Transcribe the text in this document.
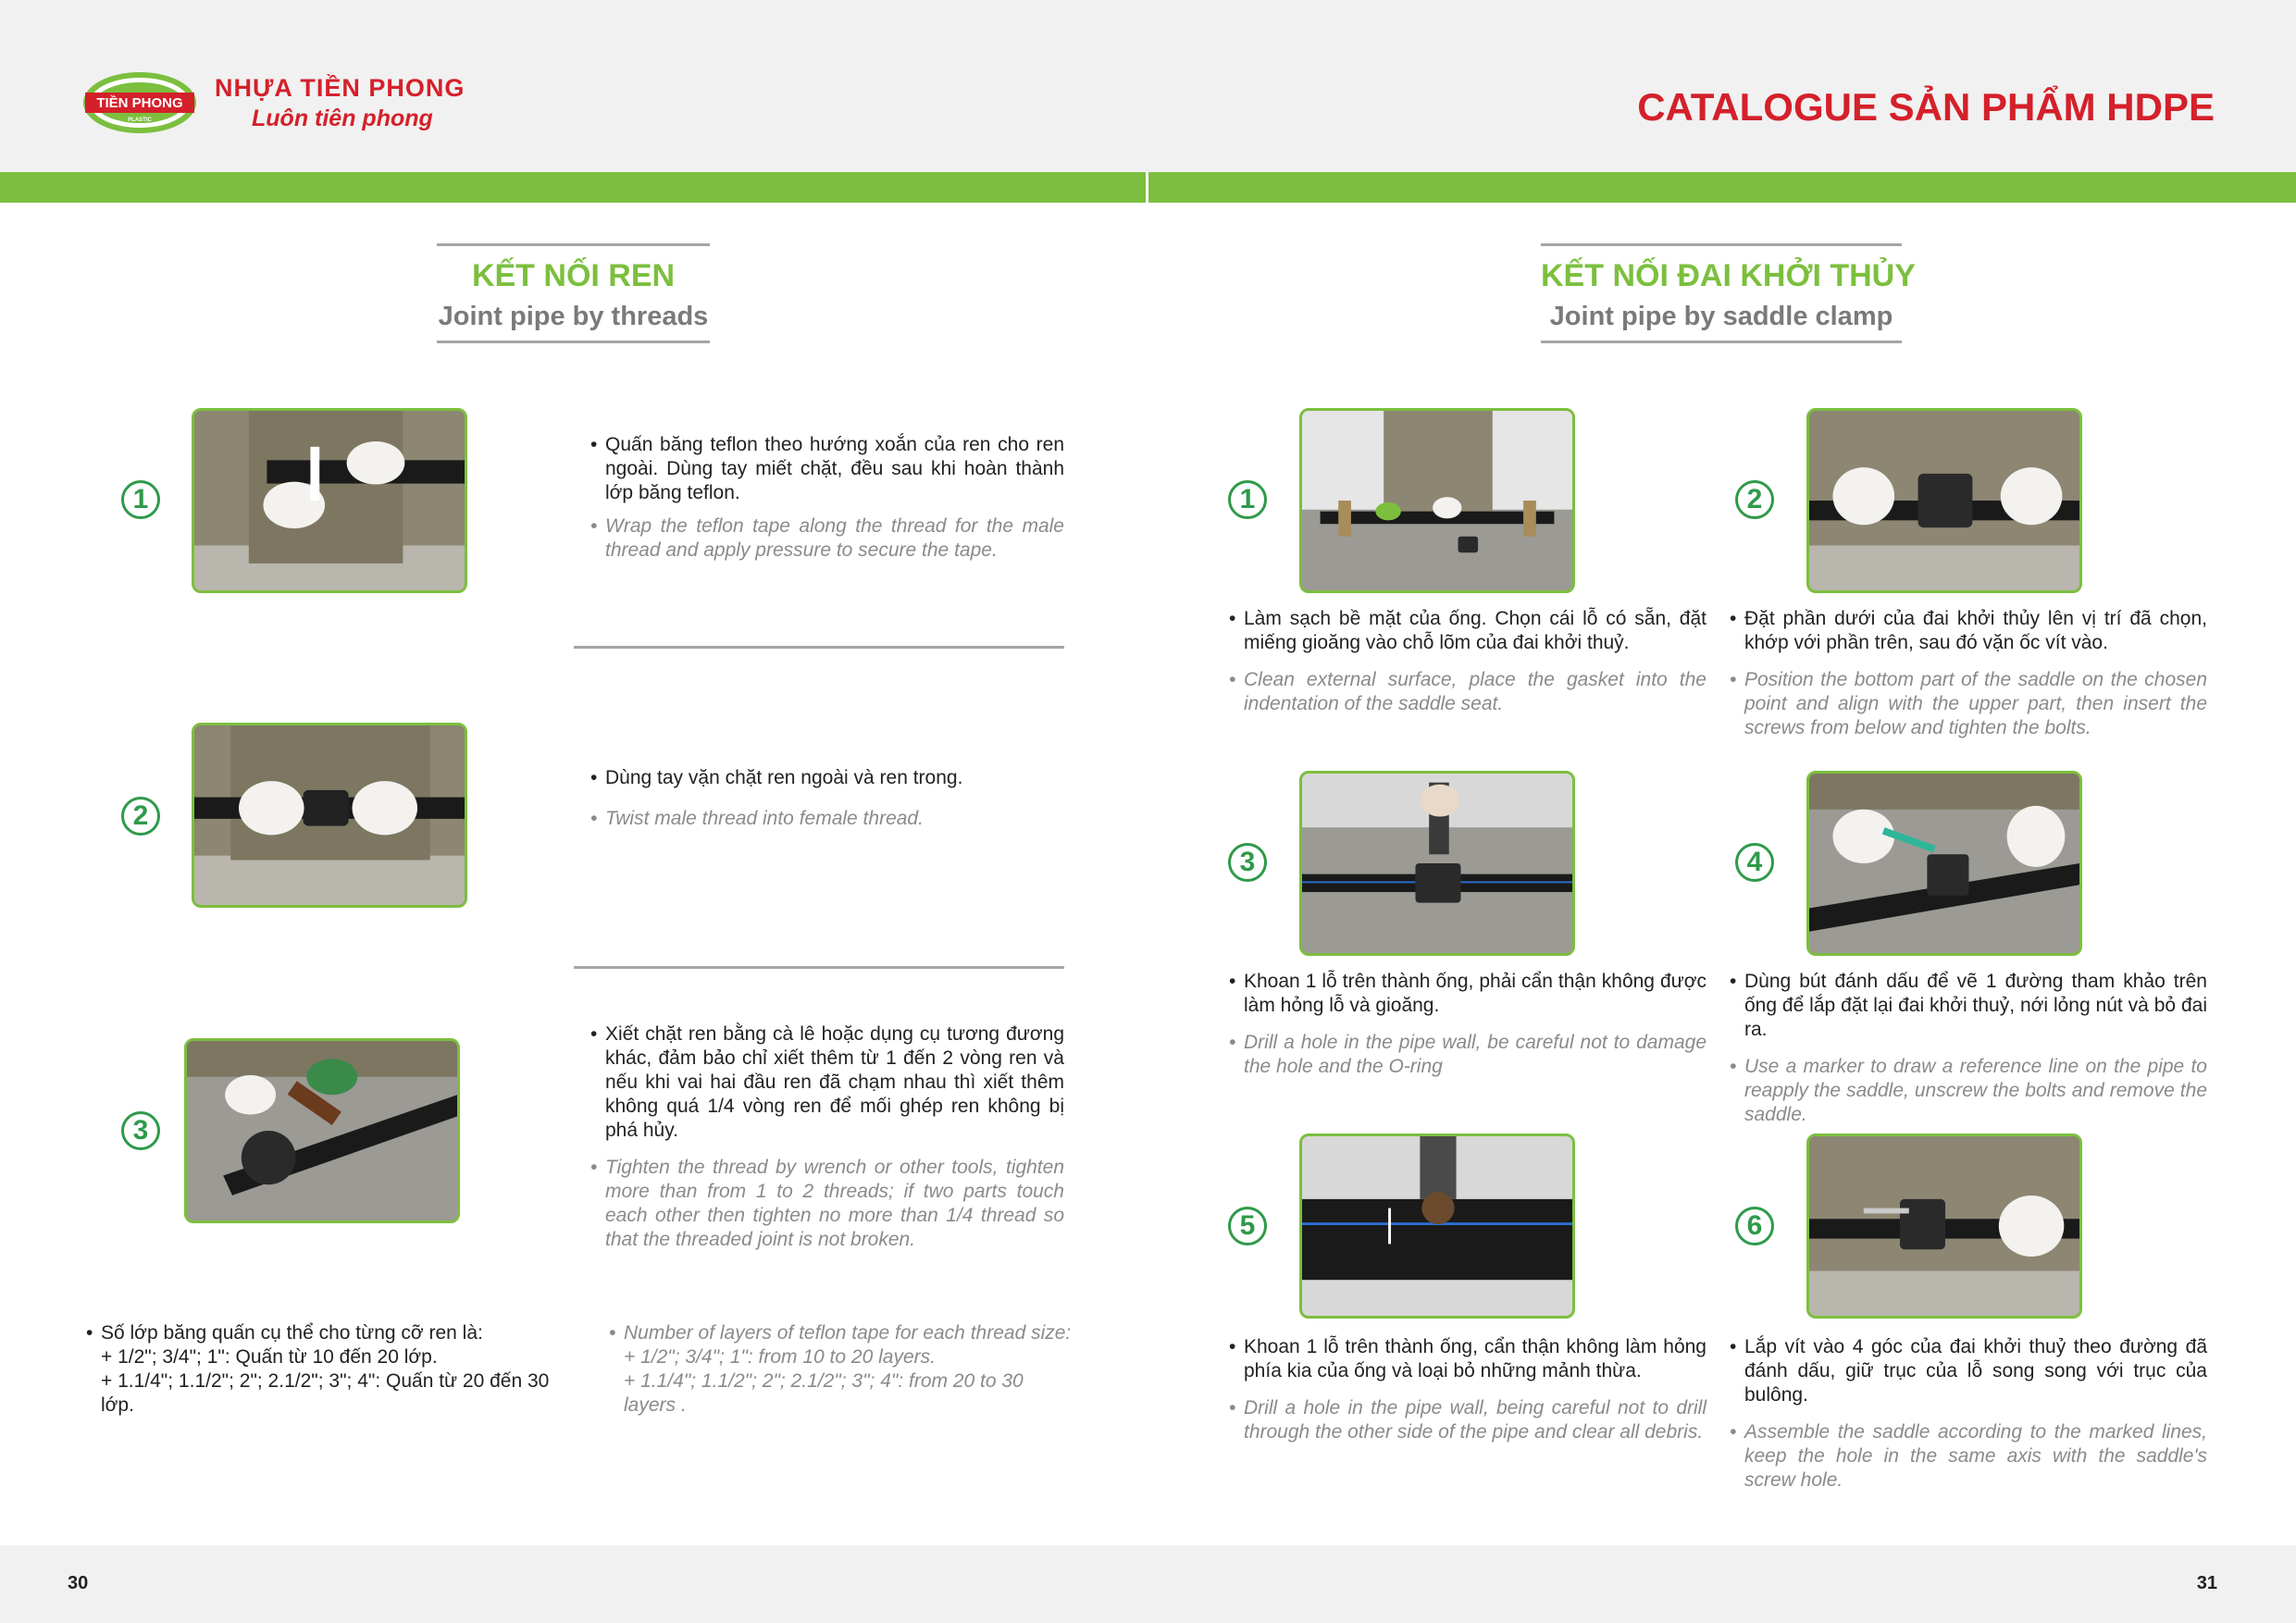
TIỀN PHONG
PLASTIC
NHỰA TIỀN PHONG
Luôn tiên phong	CATALOGUE SẢN PHẨM HDPE
KẾT NỐI REN
Joint pipe by threads
KẾT NỐI ĐAI KHỞI THỦY
Joint pipe by saddle clamp
1

• Quấn băng teflon theo hướng xoắn của ren cho ren ngoài. Dùng tay miết chặt, đều sau khi hoàn thành lớp băng teflon.

• Wrap the teflon tape along the thread for the male thread and apply pressure to secure the tape.

2

• Dùng tay vặn chặt ren ngoài và ren trong.

• Twist male thread into female thread.

3

• Xiết chặt ren bằng cà lê hoặc dụng cụ tương đương khác, đảm bảo chỉ xiết thêm từ 1 đến 2 vòng ren và nếu khi vai hai đầu ren đã chạm nhau thì xiết thêm không quá 1/4 vòng ren để mối ghép ren không bị phá hủy.

• Tighten the thread by wrench or other tools, tighten more than from 1 to 2 threads; if two parts touch each other then tighten no more than 1/4 thread so that the threaded joint is not broken.

• Số lớp băng quấn cụ thể cho từng cỡ ren là:

+ 1/2"; 3/4"; 1": Quấn từ 10 đến 20 lớp.
+ 1.1/4"; 1.1/2"; 2"; 2.1/2"; 3"; 4": Quấn từ 20 đến 30 lớp.

• Number of layers of teflon tape for each thread size:

+ 1/2"; 3/4"; 1": from 10 to 20 layers.
+ 1.1/4"; 1.1/2"; 2"; 2.1/2"; 3"; 4": from 20 to 30 layers .
1	2

• Làm sạch bề mặt của ống. Chọn cái lỗ có sẵn, đặt miếng gioăng vào chỗ lõm của đai khởi thuỷ.

• Clean external surface, place the gasket into the indentation of the saddle seat.

• Đặt phần dưới của đai khởi thủy lên vị trí đã chọn, khớp với phần trên, sau đó vặn ốc vít vào.

• Position the bottom part of the saddle on the chosen point and align with the upper part, then insert the screws from below and tighten the bolts.

3	4

• Khoan 1 lỗ trên thành ống, phải cẩn thận không được làm hỏng lỗ và gioăng.

• Drill a hole in the pipe wall, be careful not to damage the hole and the O-ring

• Dùng bút đánh dấu để vẽ 1 đường tham khảo trên ống để lắp đặt lại đai khởi thuỷ, nới lỏng nút và bỏ đai ra.

• Use a marker to draw a reference line on the pipe to reapply the saddle, unscrew the bolts and remove the saddle.

5	6

• Khoan 1 lỗ trên thành ống, cẩn thận không làm hỏng phía kia của ống và loại bỏ những mảnh thừa.

• Drill a hole in the pipe wall, being careful not to drill through the other side of the pipe and clear all debris.

• Lắp vít vào 4 góc của đai khởi thuỷ theo đường đã đánh dấu, giữ trục của lỗ song song với trục của bulông.

• Assemble the saddle according to the marked lines, keep the hole in the same axis with the saddle's screw hole.

30	31
